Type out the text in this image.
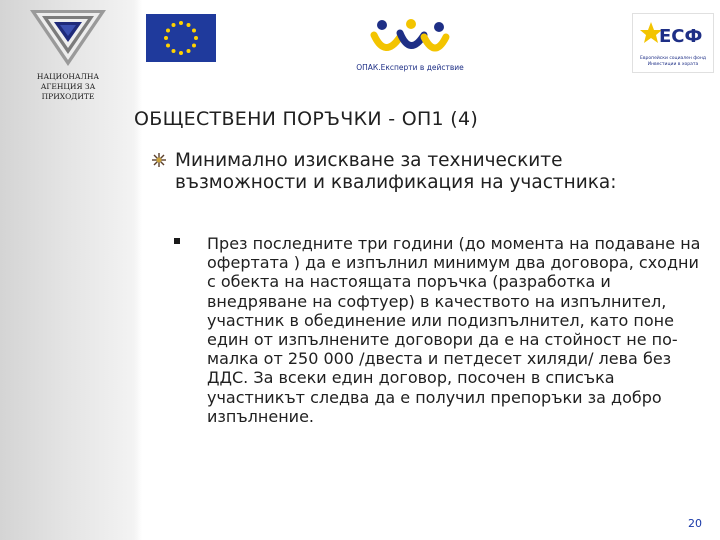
НАЦИОНАЛНА
АГЕНЦИЯ ЗА
ПРИХОДИТЕ
ОПАК.Експерти в действие
ЕСФ
Европейски социален фонд
Инвестиции в хората
ОБЩЕСТВЕНИ ПОРЪЧКИ - ОП1 (4)

Минимално изискване за техническите възможности и квалификация на участника:

През последните три години (до момента на подаване на офертата ) да е изпълнил минимум два договора, сходни с обекта на настоящата поръчка (разработка и внедряване на софтуер) в качеството на изпълнител, участник в обединение или подизпълнител, като поне един от изпълнените договори да е на стойност не по-малка от 250 000 /двеста и петдесет хиляди/ лева без ДДС. За всеки един договор, посочен в списъка участникът следва да е получил препоръки за добро изпълнение.

20
